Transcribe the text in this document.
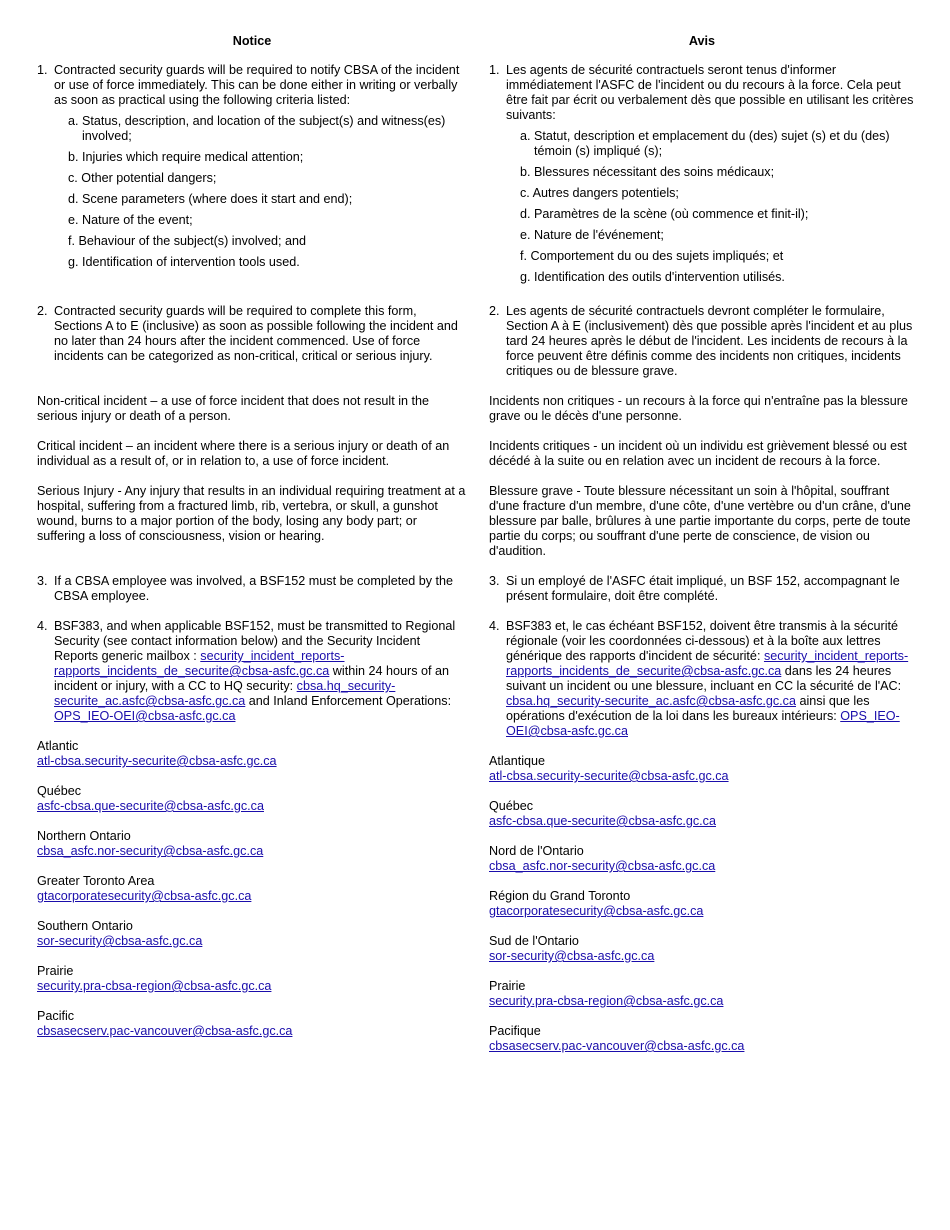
Notice
1. Contracted security guards will be required to notify CBSA of the incident or use of force immediately. This can be done either in writing or verbally as soon as practical using the following criteria listed:

a. Status, description, and location of the subject(s) and witness(es) involved;
b. Injuries which require medical attention;
c. Other potential dangers;
d. Scene parameters (where does it start and end);
e. Nature of the event;
f. Behaviour of the subject(s) involved; and
g. Identification of intervention tools used.
2. Contracted security guards will be required to complete this form, Sections A to E (inclusive) as soon as possible following the incident and no later than 24 hours after the incident commenced. Use of force incidents can be categorized as non-critical, critical or serious injury.

Non-critical incident – a use of force incident that does not result in the serious injury or death of a person.

Critical incident – an incident where there is a serious injury or death of an individual as a result of, or in relation to, a use of force incident.

Serious Injury - Any injury that results in an individual requiring treatment at a hospital, suffering from a fractured limb, rib, vertebra, or skull, a gunshot wound, burns to a major portion of the body, losing any body part; or suffering a loss of consciousness, vision or hearing.

3. If a CBSA employee was involved, a BSF152 must be completed by the CBSA employee.

4. BSF383, and when applicable BSF152, must be transmitted to Regional Security (see contact information below) and the Security Incident Reports generic mailbox : security_incident_reports-rapports_incidents_de_securite@cbsa-asfc.gc.ca within 24 hours of an incident or injury, with a CC to HQ security: cbsa.hq_security-securite_ac.asfc@cbsa-asfc.gc.ca and Inland Enforcement Operations: OPS_IEO-OEI@cbsa-asfc.gc.ca

Atlantic
atl-cbsa.security-securite@cbsa-asfc.gc.ca
Québec
asfc-cbsa.que-securite@cbsa-asfc.gc.ca
Northern Ontario
cbsa_asfc.nor-security@cbsa-asfc.gc.ca
Greater Toronto Area
gtacorporatesecurity@cbsa-asfc.gc.ca
Southern Ontario
sor-security@cbsa-asfc.gc.ca
Prairie
security.pra-cbsa-region@cbsa-asfc.gc.ca
Pacific
cbsasecserv.pac-vancouver@cbsa-asfc.gc.ca
Avis
1. Les agents de sécurité contractuels seront tenus d'informer immédiatement l'ASFC de l'incident ou du recours à la force. Cela peut être fait par écrit ou verbalement dès que possible en utilisant les critères suivants:

a. Statut, description et emplacement du (des) sujet (s) et du (des) témoin (s) impliqué (s);
b. Blessures nécessitant des soins médicaux;
c. Autres dangers potentiels;
d. Paramètres de la scène (où commence et finit-il);
e. Nature de l'événement;
f. Comportement du ou des sujets impliqués; et
g. Identification des outils d'intervention utilisés.
2. Les agents de sécurité contractuels devront compléter le formulaire, Section A à E (inclusivement) dès que possible après l'incident et au plus tard 24 heures après le début de l'incident. Les incidents de recours à la force peuvent être définis comme des incidents non critiques, incidents critiques ou de blessure grave.

Incidents non critiques - un recours à la force qui n'entraîne pas la blessure grave ou le décès d'une personne.

Incidents critiques - un incident où un individu est grièvement blessé ou est décédé à la suite ou en relation avec un incident de recours à la force.

Blessure grave - Toute blessure nécessitant un soin à l'hôpital, souffrant d'une fracture d'un membre, d'une côte, d'une vertèbre ou d'un crâne, d'une blessure par balle, brûlures à une partie importante du corps, perte de toute partie du corps; ou souffrant d'une perte de conscience, de vision ou d'audition.

3. Si un employé de l'ASFC était impliqué, un BSF 152, accompagnant le présent formulaire, doit être complété.

4. BSF383 et, le cas échéant BSF152, doivent être transmis à la sécurité régionale (voir les coordonnées ci-dessous) et à la boîte aux lettres générique des rapports d'incident de sécurité: security_incident_reports-rapports_incidents_de_securite@cbsa-asfc.gc.ca dans les 24 heures suivant un incident ou une blessure, incluant en CC la sécurité de l'AC: cbsa.hq_security-securite_ac.asfc@cbsa-asfc.gc.ca ainsi que les opérations d'exécution de la loi dans les bureaux intérieurs: OPS_IEO-OEI@cbsa-asfc.gc.ca

Atlantique
atl-cbsa.security-securite@cbsa-asfc.gc.ca
Québec
asfc-cbsa.que-securite@cbsa-asfc.gc.ca
Nord de l'Ontario
cbsa_asfc.nor-security@cbsa-asfc.gc.ca
Région du Grand Toronto
gtacorporatesecurity@cbsa-asfc.gc.ca
Sud de l'Ontario
sor-security@cbsa-asfc.gc.ca
Prairie
security.pra-cbsa-region@cbsa-asfc.gc.ca
Pacifique
cbsasecserv.pac-vancouver@cbsa-asfc.gc.ca
